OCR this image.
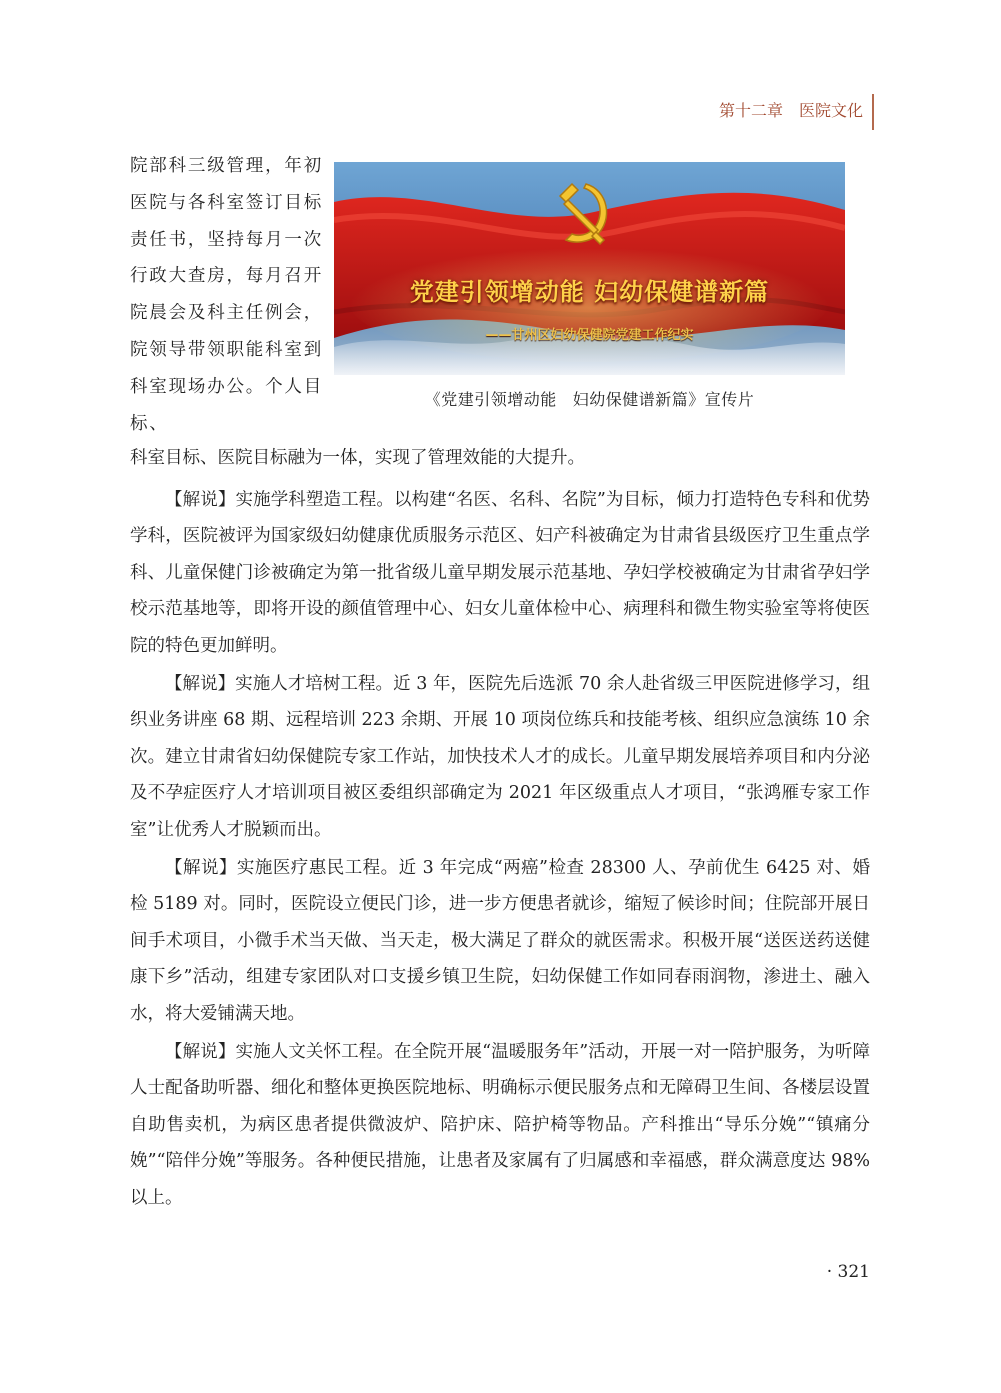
第十二章 医院文化
院部科三级管理，年初医院与各科室签订目标责任书，坚持每月一次行政大查房，每月召开院晨会及科主任例会，院领导带领职能科室到科室现场办公。个人目标、
党建引领增动能 妇幼保健谱新篇
——甘州区妇幼保健院党建工作纪实
《党建引领增动能 妇幼保健谱新篇》宣传片
科室目标、医院目标融为一体，实现了管理效能的大提升。

【解说】实施学科塑造工程。以构建“名医、名科、名院”为目标，倾力打造特色专科和优势学科，医院被评为国家级妇幼健康优质服务示范区、妇产科被确定为甘肃省县级医疗卫生重点学科、儿童保健门诊被确定为第一批省级儿童早期发展示范基地、孕妇学校被确定为甘肃省孕妇学校示范基地等，即将开设的颜值管理中心、妇女儿童体检中心、病理科和微生物实验室等将使医院的特色更加鲜明。

【解说】实施人才培树工程。近 3 年，医院先后选派 70 余人赴省级三甲医院进修学习，组织业务讲座 68 期、远程培训 223 余期、开展 10 项岗位练兵和技能考核、组织应急演练 10 余次。建立甘肃省妇幼保健院专家工作站，加快技术人才的成长。儿童早期发展培养项目和内分泌及不孕症医疗人才培训项目被区委组织部确定为 2021 年区级重点人才项目，“张鸿雁专家工作室”让优秀人才脱颖而出。

【解说】实施医疗惠民工程。近 3 年完成“两癌”检查 28300 人、孕前优生 6425 对、婚检 5189 对。同时，医院设立便民门诊，进一步方便患者就诊，缩短了候诊时间；住院部开展日间手术项目，小微手术当天做、当天走，极大满足了群众的就医需求。积极开展“送医送药送健康下乡”活动，组建专家团队对口支援乡镇卫生院，妇幼保健工作如同春雨润物，渗进土、融入水，将大爱铺满天地。

【解说】实施人文关怀工程。在全院开展“温暖服务年”活动，开展一对一陪护服务，为听障人士配备助听器、细化和整体更换医院地标、明确标示便民服务点和无障碍卫生间、各楼层设置自助售卖机，为病区患者提供微波炉、陪护床、陪护椅等物品。产科推出“导乐分娩”“镇痛分娩”“陪伴分娩”等服务。各种便民措施，让患者及家属有了归属感和幸福感，群众满意度达 98% 以上。

· 321
